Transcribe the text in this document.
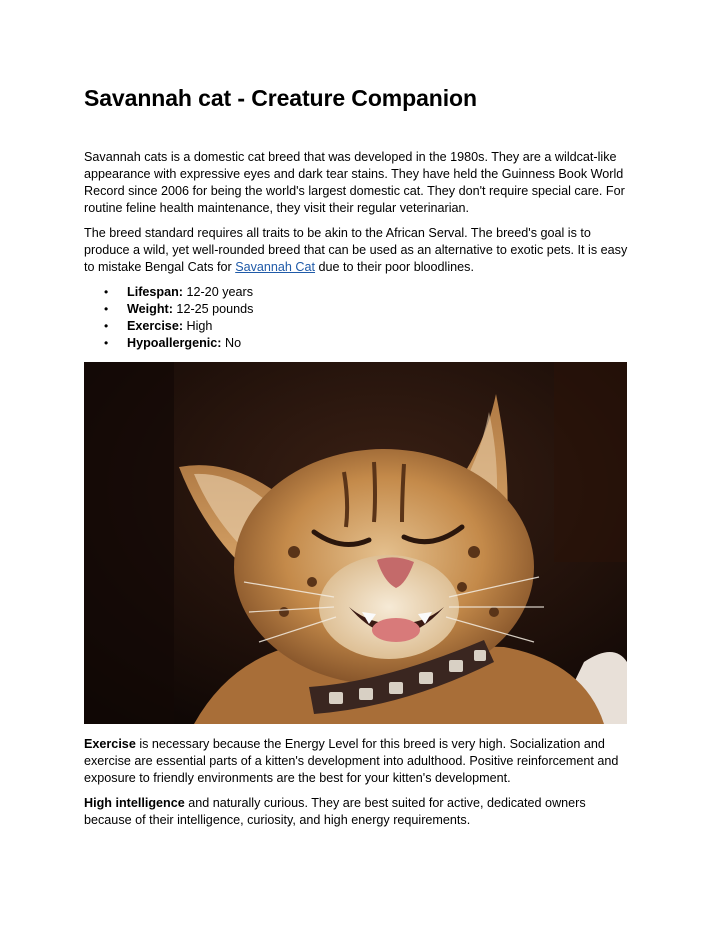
Savannah cat - Creature Companion

Savannah cats is a domestic cat breed that was developed in the 1980s. They are a wildcat-like appearance with expressive eyes and dark tear stains. They have held the Guinness Book World Record since 2006 for being the world's largest domestic cat. They don't require special care. For routine feline health maintenance, they visit their regular veterinarian.

The breed standard requires all traits to be akin to the African Serval. The breed's goal is to produce a wild, yet well-rounded breed that can be used as an alternative to exotic pets. It is easy to mistake Bengal Cats for Savannah Cat due to their poor bloodlines.

• Lifespan: 12-20 years
• Weight: 12-25 pounds
• Exercise: High
• Hypoallergenic: No

Exercise is necessary because the Energy Level for this breed is very high. Socialization and exercise are essential parts of a kitten's development into adulthood. Positive reinforcement and exposure to friendly environments are the best for your kitten's development.

High intelligence and naturally curious. They are best suited for active, dedicated owners because of their intelligence, curiosity, and high energy requirements.
